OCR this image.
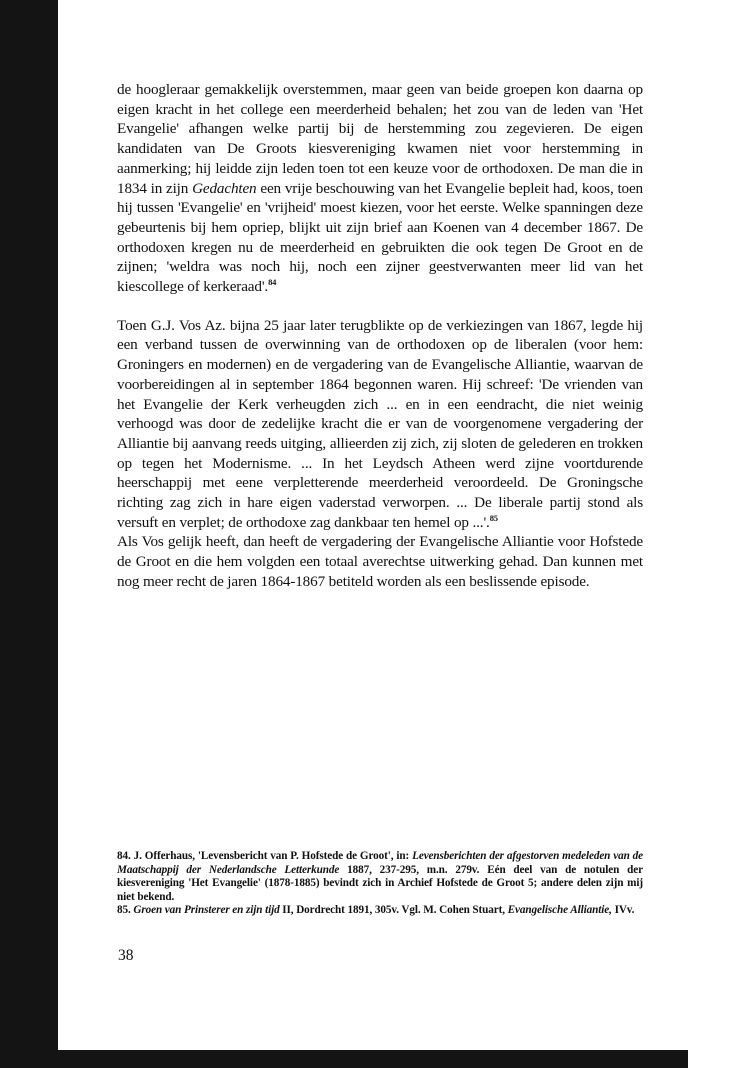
de hoogleraar gemakkelijk overstemmen, maar geen van beide groepen kon daarna op eigen kracht in het college een meerderheid behalen; het zou van de leden van 'Het Evangelie' afhangen welke partij bij de herstemming zou zegevieren. De eigen kandidaten van De Groots kiesvereniging kwamen niet voor herstemming in aanmerking; hij leidde zijn leden toen tot een keuze voor de orthodoxen. De man die in 1834 in zijn Gedachten een vrije beschouwing van het Evangelie bepleit had, koos, toen hij tussen 'Evangelie' en 'vrijheid' moest kiezen, voor het eerste. Welke spanningen deze gebeurtenis bij hem opriep, blijkt uit zijn brief aan Koenen van 4 december 1867. De orthodoxen kregen nu de meerderheid en gebruikten die ook tegen De Groot en de zijnen; 'weldra was noch hij, noch een zijner geestverwanten meer lid van het kiescollege of kerkeraad'.$^{84}$

Toen G.J. Vos Az. bijna 25 jaar later terugblikte op de verkiezingen van 1867, legde hij een verband tussen de overwinning van de orthodoxen op de liberalen (voor hem: Groningers en modernen) en de vergadering van de Evangelische Alliantie, waarvan de voorbereidingen al in september 1864 begonnen waren. Hij schreef: 'De vrienden van het Evangelie der Kerk verheugden zich ... en in een eendracht, die niet weinig verhoogd was door de zedelijke kracht die er van de voorgenomene vergadering der Alliantie bij aanvang reeds uitging, allieerden zij zich, zij sloten de gelederen en trokken op tegen het Modernisme. ... In het Leydsch Atheen werd zijne voortdurende heerschappij met eene verpletterende meerderheid veroordeeld. De Groningsche richting zag zich in hare eigen vaderstad verworpen. ... De liberale partij stond als versuft en verplet; de orthodoxe zag dankbaar ten hemel op ...'.$^{85}$

Als Vos gelijk heeft, dan heeft de vergadering der Evangelische Alliantie voor Hofstede de Groot en die hem volgden een totaal averechtse uitwerking gehad. Dan kunnen met nog meer recht de jaren 1864-1867 betiteld worden als een beslissende episode.

84. J. Offerhaus, 'Levensbericht van P. Hofstede de Groot', in: Levensberichten der afgestorven medeleden van de Maatschappij der Nederlandsche Letterkunde 1887, 237-295, m.n. 279v. Eén deel van de notulen der kiesvereniging 'Het Evangelie' (1878-1885) bevindt zich in Archief Hofstede de Groot 5; andere delen zijn mij niet bekend.

85. Groen van Prinsterer en zijn tijd II, Dordrecht 1891, 305v. Vgl. M. Cohen Stuart, Evangelische Alliantie, IVv.

38
